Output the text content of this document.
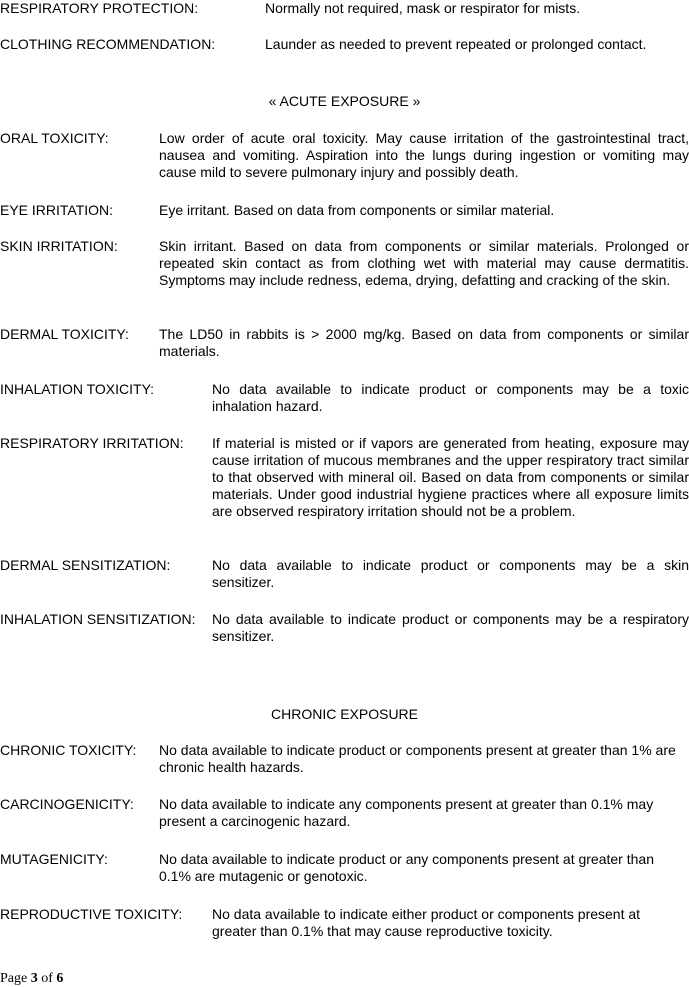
RESPIRATORY PROTECTION:	Normally not required, mask or respirator for mists.
CLOTHING RECOMMENDATION:	Launder as needed to prevent repeated or prolonged contact.
« ACUTE EXPOSURE »
ORAL TOXICITY:	Low order of acute oral toxicity. May cause irritation of the gastrointestinal tract, nausea and vomiting. Aspiration into the lungs during ingestion or vomiting may cause mild to severe pulmonary injury and possibly death.
EYE IRRITATION:	Eye irritant. Based on data from components or similar material.
SKIN IRRITATION:	Skin irritant. Based on data from components or similar materials. Prolonged or repeated skin contact as from clothing wet with material may cause dermatitis. Symptoms may include redness, edema, drying, defatting and cracking of the skin.
DERMAL TOXICITY: The LD50 in rabbits is > 2000 mg/kg. Based on data from components or similar materials.
INHALATION TOXICITY:	No data available to indicate product or components may be a toxic inhalation hazard.
RESPIRATORY IRRITATION: If material is misted or if vapors are generated from heating, exposure may cause irritation of mucous membranes and the upper respiratory tract similar to that observed with mineral oil. Based on data from components or similar materials. Under good industrial hygiene practices where all exposure limits are observed respiratory irritation should not be a problem.
DERMAL SENSITIZATION:	No data available to indicate product or components may be a skin sensitizer.
INHALATION SENSITIZATION: No data available to indicate product or components may be a respiratory sensitizer.
CHRONIC EXPOSURE
CHRONIC TOXICITY: No data available to indicate product or components present at greater than 1% are chronic health hazards.
CARCINOGENICITY: No data available to indicate any components present at greater than 0.1% may present a carcinogenic hazard.
MUTAGENICITY:	No data available to indicate product or any components present at greater than 0.1% are mutagenic or genotoxic.
REPRODUCTIVE TOXICITY: No data available to indicate either product or components present at greater than 0.1% that may cause reproductive toxicity.
Page 3 of 6
